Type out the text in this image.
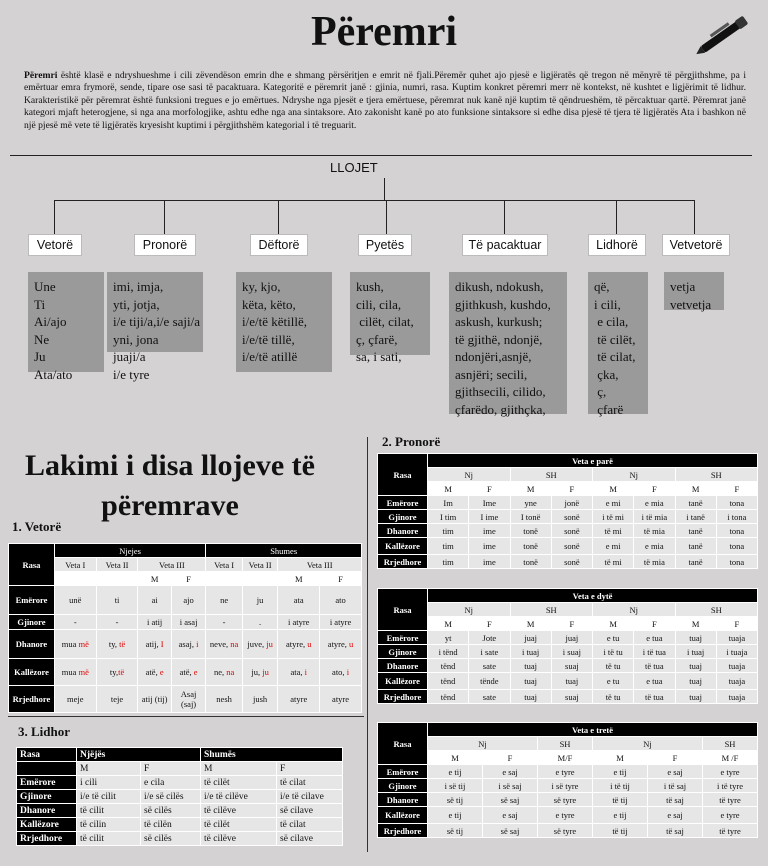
Përemri
Përemri është klasë e ndryshueshme i cili zëvendëson emrin dhe e shmang përsëritjen e emrit në fjali.Përemër quhet ajo pjesë e ligjëratës që tregon në mënyrë të përgjithshme, pa i emërtuar emra frymorë, sende, tipare ose sasi të pacaktuara. Kategoritë e përemrit janë : gjinia, numri, rasa. Kuptim konkret përemri merr në kontekst, në kushtet e ligjërimit të lidhur. Karakteristikë për përemrat është funksioni tregues e jo emërtues. Ndryshe nga pjesët e tjera emërtuese, përemrat nuk kanë një kuptim të qëndrueshëm, të përcaktuar qartë. Përemrat janë kategori mjaft heterogjene, si nga ana morfologjike, ashtu edhe nga ana sintaksore. Ato zakonisht kanë po ato funksione sintaksore si edhe disa pjesë të tjera të ligjëratës Ata i bashkon në një pjesë më vete të ligjëratës kryesisht kuptimi i përgjithshëm kategorial i të treguarit.
LLOJET
Vetorë
Une
Ti
Ai/ajo
Ne
Ju
Ata/ato
Pronorë
imi, imja,
yti, jotja,
i/e tiji/a,i/e saji/a
yni, jona
juaji/a
i/e tyre
Dëftorë
ky, kjo,
këta, këto,
i/e/të këtillë,
i/e/të tillë,
i/e/të atillë
Pyetës
kush,
cili, cila,
cilët, cilat,
ç, çfarë,
sa, i sati,
Të pacaktuar
dikush, ndokush,
gjithkush, kushdo,
askush, kurkush;
të gjithë, ndonjë,
ndonjëri,asnjë,
asnjëri; secili,
gjithsecili, cilido,
çfarëdo, gjithçka,
Lidhorë
që,
i cili,
e cila,
të cilët,
të cilat,
çka,
ç,
çfarë
Vetvetorë
vetja
vetvetja
Lakimi i disa llojeve të përemrave
1. Vetorë
2. Pronorë
3. Lidhor
Rasa	Njejes				Shumes			
	Veta I	Veta II	Veta III		Veta I	Veta II	Veta III	
			M	F			M	F
Emërore	unë	ti	ai	ajo	ne	ju	ata	ato
Gjinore	-	-	i atij	i asaj	-	.	i atyre	i atyre
Dhanore	mua më	ty, të	atij, I	asaj, i	neve, na	juve, ju	atyre, u	atyre, u
Kallëzore	mua më	ty,të	atë, e	atë, e	ne, na	ju, ju	ata, i	ato, i
Rrjedhore	meje	teje	atij (tij)	Asaj (saj)	nesh	jush	atyre	atyre
Rasa	Veta e parë							
	Nj		SH		Nj		SH	
	M	F	M	F	M	F	M	F
Emërore	Im	Ime	yne	jonë	e mi	e mia	tanë	tona
Gjinore	I tim	I ime	I tonë	sonë	i të mi	i të mia	i tanë	i tona
Dhanore	tim	ime	tonë	sonë	të mi	të mia	tanë	tona
Kallëzore	tim	ime	tonë	sonë	e mi	e mia	tanë	tona
Rrjedhore	tim	ime	tonë	sonë	të mi	të mia	tanë	tona
Rasa	Veta e dytë							
	Nj		SH		Nj		SH	
	M	F	M	F	M	F	M	F
Emërore	yt	Jote	juaj	juaj	e tu	e tua	tuaj	tuaja
Gjinore	i tënd	i sate	i tuaj	i suaj	i të tu	i të tua	i tuaj	i tuaja
Dhanore	tënd	sate	tuaj	suaj	të tu	të tua	tuaj	tuaja
Kallëzore	tënd	tënde	tuaj	tuaj	e tu	e tua	tuaj	tuaja
Rrjedhore	tënd	sate	tuaj	suaj	të tu	të tua	tuaj	tuaja
Rasa	Veta e tretë					
	Nj		SH	Nj		SH
	M	F	M/F	M	F	M /F
Emërore	e tij	e saj	e tyre	e tij	e saj	e tyre
Gjinore	i së tij	i së saj	i së tyre	i të tij	i të saj	i të tyre
Dhanore	së tij	së saj	së tyre	të tij	të saj	të tyre
Kallëzore	e tij	e saj	e tyre	e tij	e saj	e tyre
Rrjedhore	së tij	së saj	së tyre	të tij	të saj	të tyre
Rasa	Njëjës		Shumës	
	M	F	M	F
Emërore	i cili	e cila	të cilët	të cilat
Gjinore	i/e të cilit	i/e së cilës	i/e të cilëve	i/e të cilave
Dhanore	të cilit	së cilës	të cilëve	së cilave
Kallëzore	të cilin	të cilën	të cilët	të cilat
Rrjedhore	të cilit	së cilës	të cilëve	së cilave
